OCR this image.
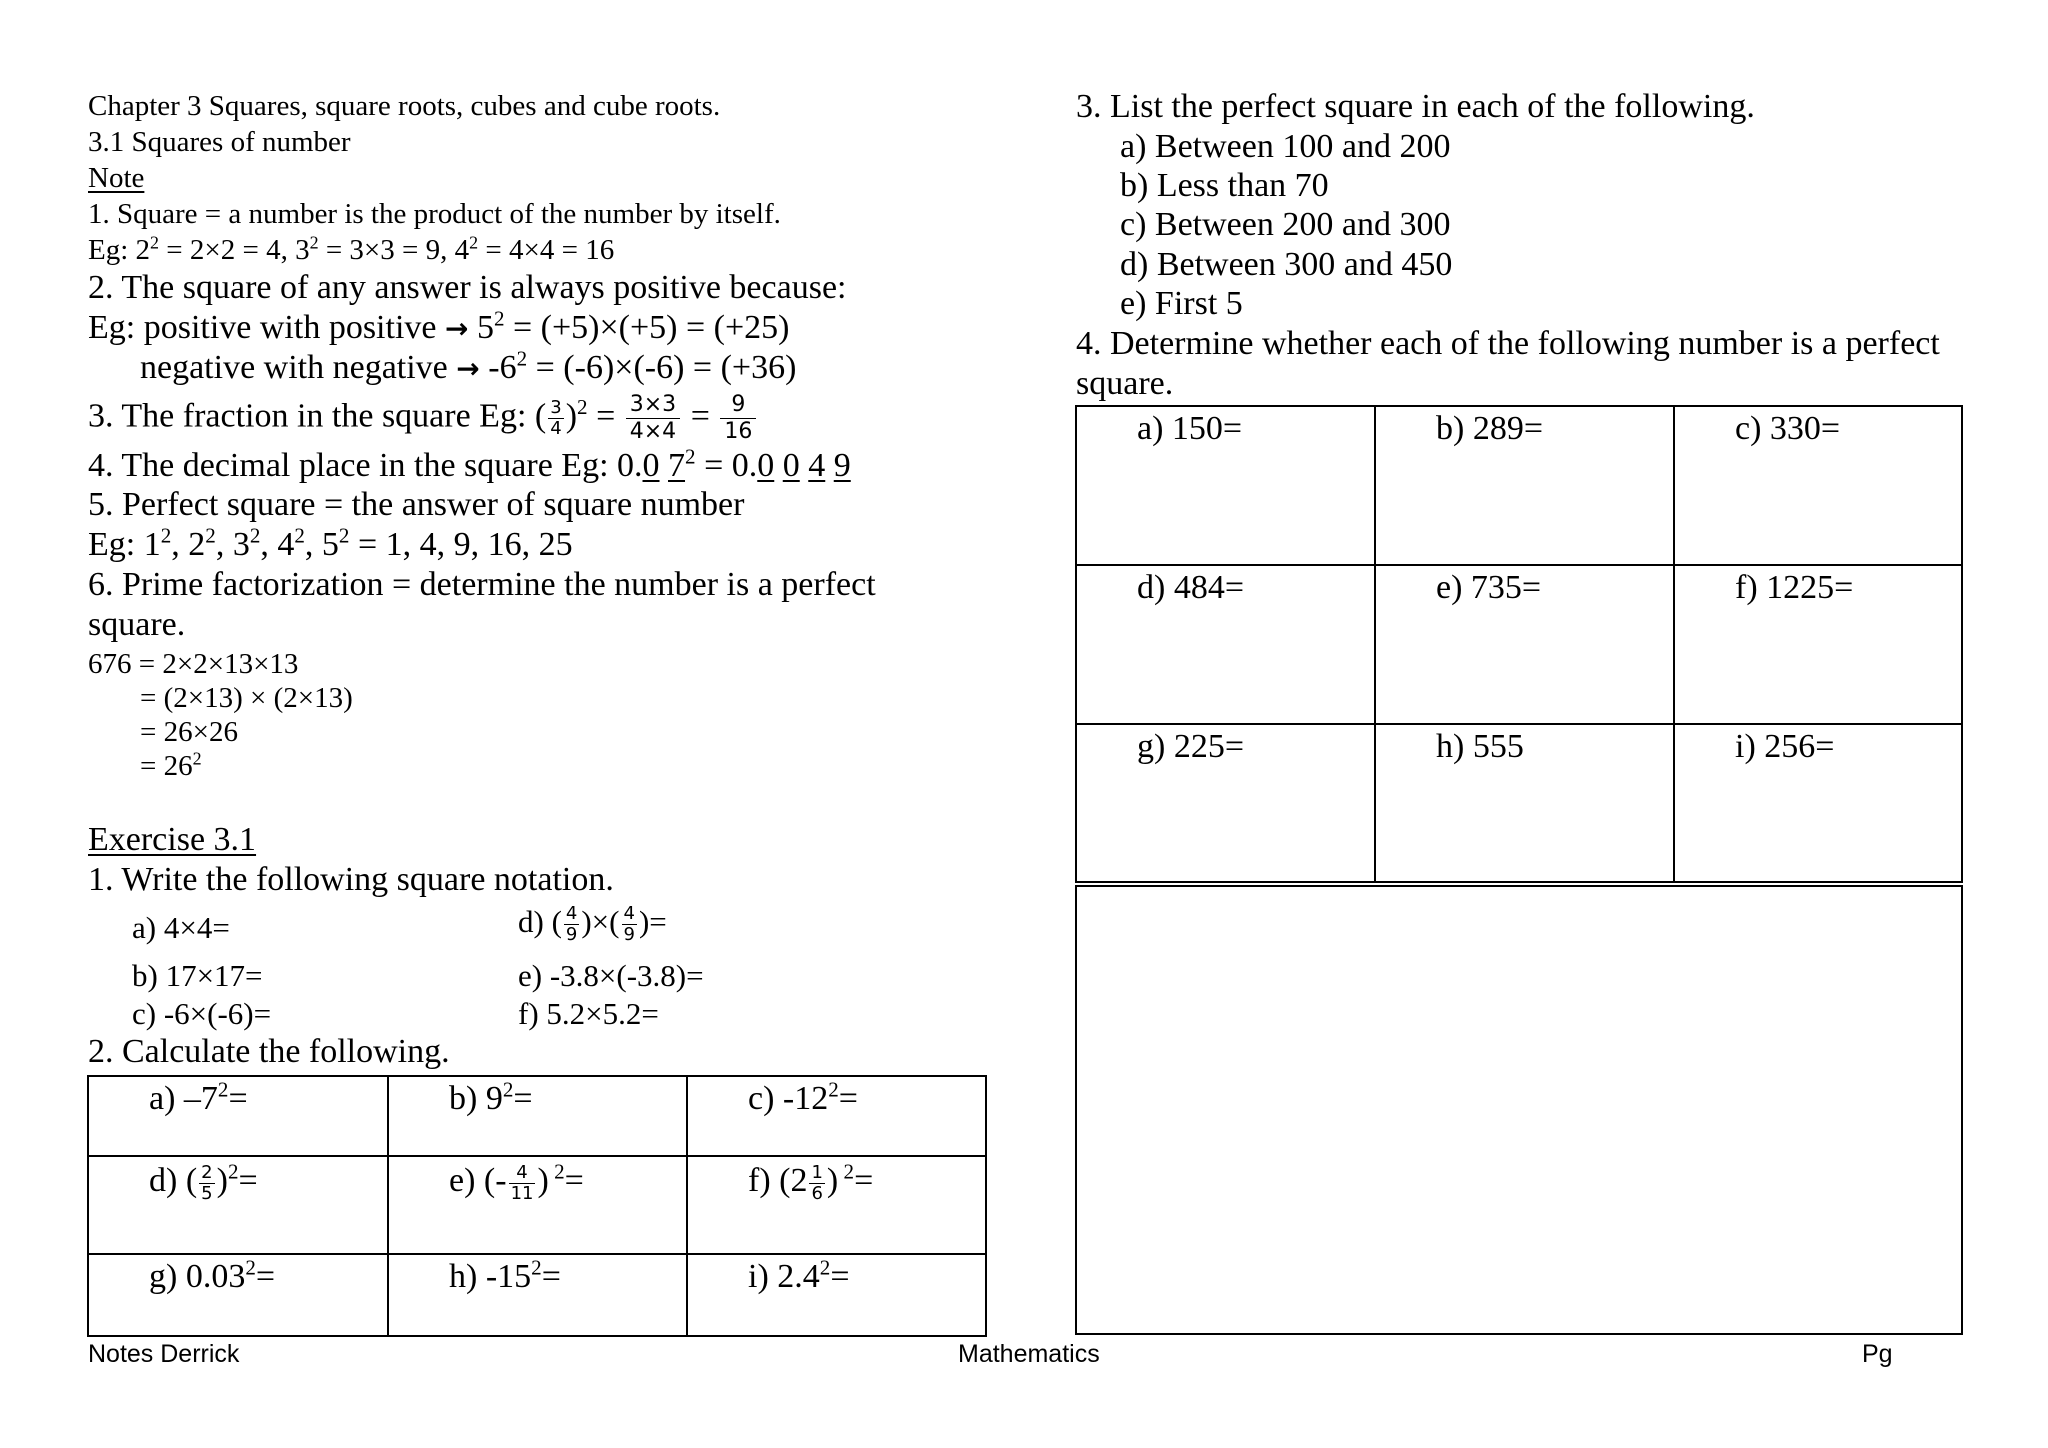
Chapter 3 Squares, square roots, cubes and cube roots.
3.1 Squares of number
Note
1. Square = a number is the product of the number by itself.
Eg: $2^2 = 2\times 2 = 4$, $3^2 = 3\times 3 = 9$, $4^2 = 4\times 4 = 16$
2. The square of any answer is always positive because:
Eg: positive with positive → $5^2 = (+5)\times(+5) = (+25)$
negative with negative → $-6^2 = (-6)\times(-6) = (+36)$
3. The fraction in the square Eg: ( $\frac{3}{4} )^2 = \frac{3\times 3}{4\times 4} = \frac{9}{16}$
4. The decimal place in the square Eg: 0.0 $7^2 = 0.0$ 0 4 9
5. Perfect square = the answer of square number
Eg: $1^2$, $2^2$, $3^2$, $4^2$, $5^2 = 1$, 4, 9, 16, 25
6. Prime factorization = determine the number is a perfect
square.
676 = 2×2×13×13
= (2×13) × (2×13)
= 26×26
= $26^2$
Exercise 3.1
1. Write the following square notation.
a) 4×4=	d) ( $\frac{4}{9}$ )×( $\frac{4}{9}$ )=
b) 17×17=	e) -3.8×(-3.8)=
c) -6×(-6)=	f) 5.2×5.2=
2. Calculate the following.
a) $-7^2=$	b) $9^2=$	c) $-12^2=$

d) ( $\frac{2}{5} )^2=$	e) (- $\frac{4}{11}$ ) $^2$=	f) ($2 \frac{1}{6}$ ) $^2$=

g) $0.03^2=$	h) $-15^2=$	i) $2.4^2=$
3. List the perfect square in each of the following.
a) Between 100 and 200
b) Less than 70
c) Between 200 and 300
d) Between 300 and 450
e) First 5
4. Determine whether each of the following number is a perfect
square.
a) 150=	b) 289=	c) 330=

d) 484=	e) 735=	f) 1225=

g) 225=	h) 555	i) 256=
Notes Derrick	Mathematics	Pg
